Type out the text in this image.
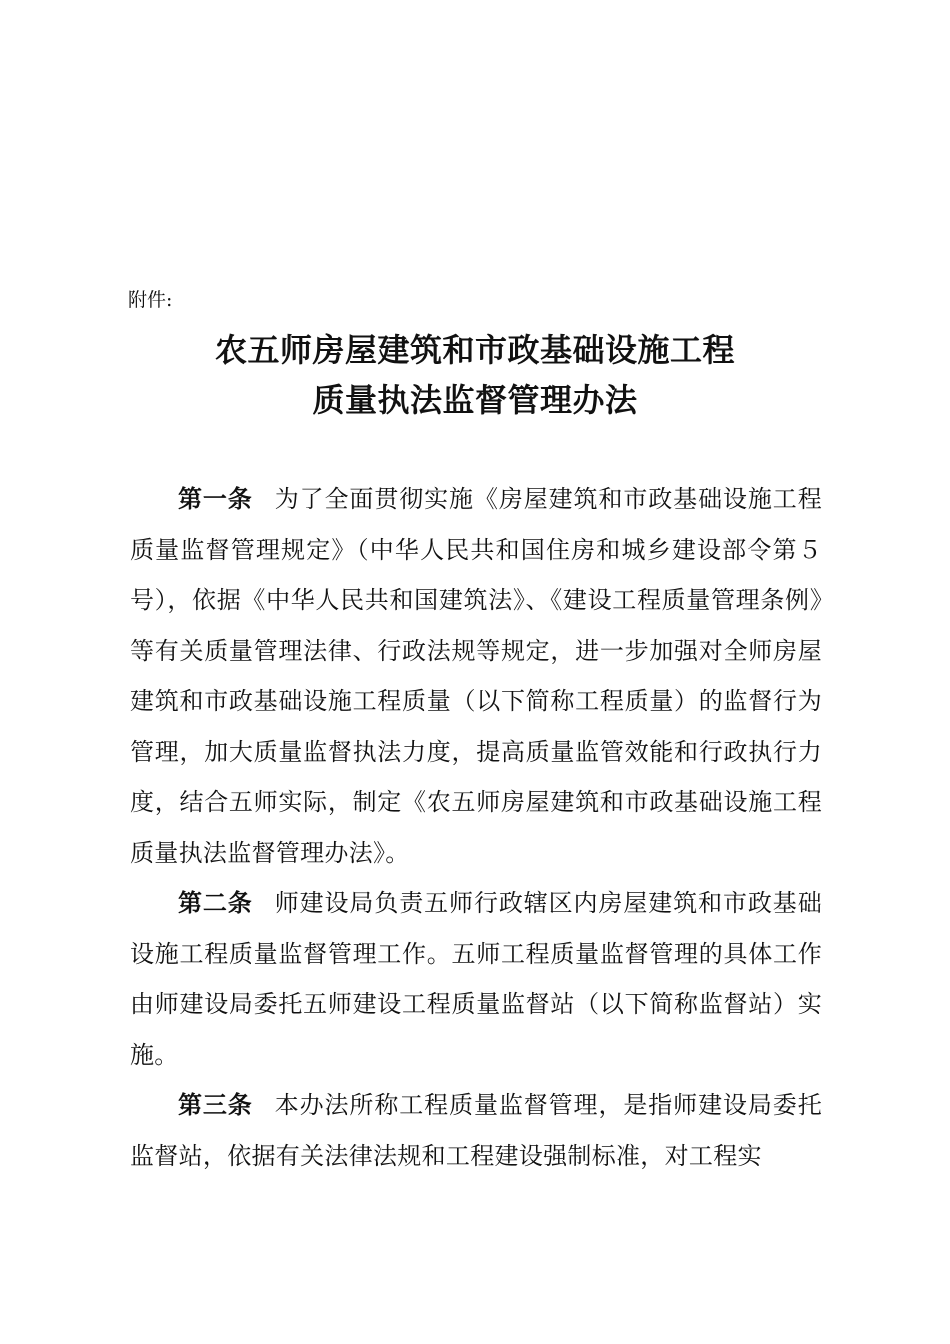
附件:
农五师房屋建筑和市政基础设施工程
质量执法监督管理办法

第一条 为了全面贯彻实施《房屋建筑和市政基础设施工程质量监督管理规定》（中华人民共和国住房和城乡建设部令第５号），依据《中华人民共和国建筑法》、《建设工程质量管理条例》等有关质量管理法律、行政法规等规定，进一步加强对全师房屋建筑和市政基础设施工程质量（以下简称工程质量）的监督行为管理，加大质量监督执法力度，提高质量监管效能和行政执行力度，结合五师实际，制定《农五师房屋建筑和市政基础设施工程质量执法监督管理办法》。

第二条 师建设局负责五师行政辖区内房屋建筑和市政基础设施工程质量监督管理工作。五师工程质量监督管理的具体工作由师建设局委托五师建设工程质量监督站（以下简称监督站）实施。

第三条 本办法所称工程质量监督管理，是指师建设局委托监督站，依据有关法律法规和工程建设强制标准，对工程实
